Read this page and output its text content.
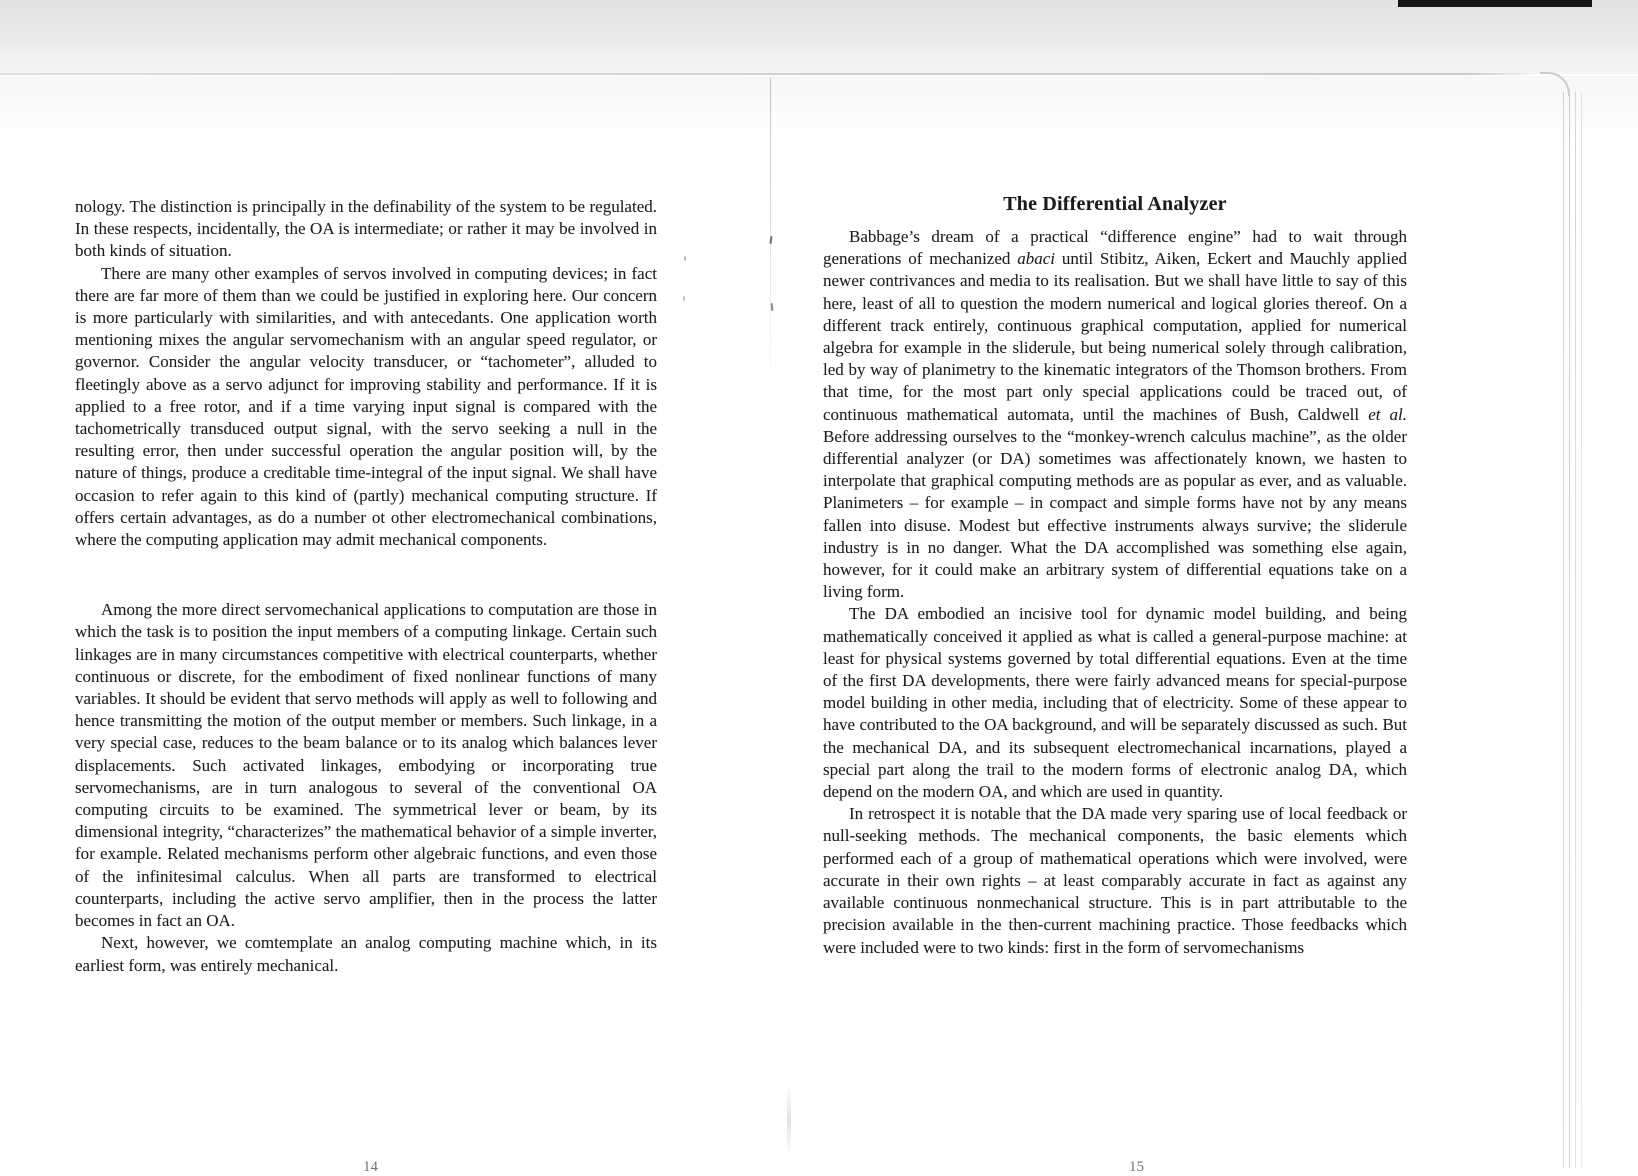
nology. The distinction is principally in the definability of the system to be regulated. In these respects, incidentally, the OA is intermediate; or rather it may be involved in both kinds of situation.

There are many other examples of servos involved in computing devices; in fact there are far more of them than we could be justified in exploring here. Our concern is more particularly with similarities, and with antecedants. One application worth mentioning mixes the angular servomechanism with an angular speed regulator, or governor. Consider the angular velocity transducer, or “tachometer”, alluded to fleetingly above as a servo adjunct for improving stability and performance. If it is applied to a free rotor, and if a time varying input signal is compared with the tachometrically transduced output signal, with the servo seeking a null in the resulting error, then under successful operation the angular position will, by the nature of things, produce a creditable time-integral of the input signal. We shall have occasion to refer again to this kind of (partly) mechanical computing structure. If offers certain advantages, as do a number ot other electromechanical combinations, where the computing application may admit mechanical components.

Among the more direct servomechanical applications to computation are those in which the task is to position the input members of a computing linkage. Certain such linkages are in many circumstances competitive with electrical counterparts, whether continuous or discrete, for the embodiment of fixed nonlinear functions of many variables. It should be evident that servo methods will apply as well to following and hence transmitting the motion of the output member or members. Such linkage, in a very special case, reduces to the beam balance or to its analog which balances lever displacements. Such activated linkages, embodying or incorporating true servomechanisms, are in turn analogous to several of the conventional OA computing circuits to be examined. The symmetrical lever or beam, by its dimensional integrity, “characterizes” the mathematical behavior of a simple inverter, for example. Related mechanisms perform other algebraic functions, and even those of the infinitesimal calculus. When all parts are transformed to electrical counterparts, including the active servo amplifier, then in the process the latter becomes in fact an OA.

Next, however, we comtemplate an analog computing machine which, in its earliest form, was entirely mechanical.

The Differential Analyzer

Babbage’s dream of a practical “difference engine” had to wait through generations of mechanized abaci until Stibitz, Aiken, Eckert and Mauchly applied newer contrivances and media to its realisation. But we shall have little to say of this here, least of all to question the modern numerical and logical glories thereof. On a different track entirely, continuous graphical computation, applied for numerical algebra for example in the sliderule, but being numerical solely through calibration, led by way of planimetry to the kinematic integrators of the Thomson brothers. From that time, for the most part only special applications could be traced out, of continuous mathematical automata, until the machines of Bush, Caldwell et al. Before addressing ourselves to the “monkey-wrench calculus machine”, as the older differential analyzer (or DA) sometimes was affectionately known, we hasten to interpolate that graphical computing methods are as popular as ever, and as valuable. Planimeters – for example – in compact and simple forms have not by any means fallen into disuse. Modest but effective instruments always survive; the sliderule industry is in no danger. What the DA accomplished was something else again, however, for it could make an arbitrary system of differential equations take on a living form.

The DA embodied an incisive tool for dynamic model building, and being mathematically conceived it applied as what is called a general-purpose machine: at least for physical systems governed by total differential equations. Even at the time of the first DA developments, there were fairly advanced means for special-purpose model building in other media, including that of electricity. Some of these appear to have contributed to the OA background, and will be separately discussed as such. But the mechanical DA, and its subsequent electromechanical incarnations, played a special part along the trail to the modern forms of electronic analog DA, which depend on the modern OA, and which are used in quantity.

In retrospect it is notable that the DA made very sparing use of local feedback or null-seeking methods. The mechanical components, the basic elements which performed each of a group of mathematical operations which were involved, were accurate in their own rights – at least comparably accurate in fact as against any available continuous nonmechanical structure. This is in part attributable to the precision available in the then-current machining practice. Those feedbacks which were included were to two kinds: first in the form of servomechanisms

14	15
